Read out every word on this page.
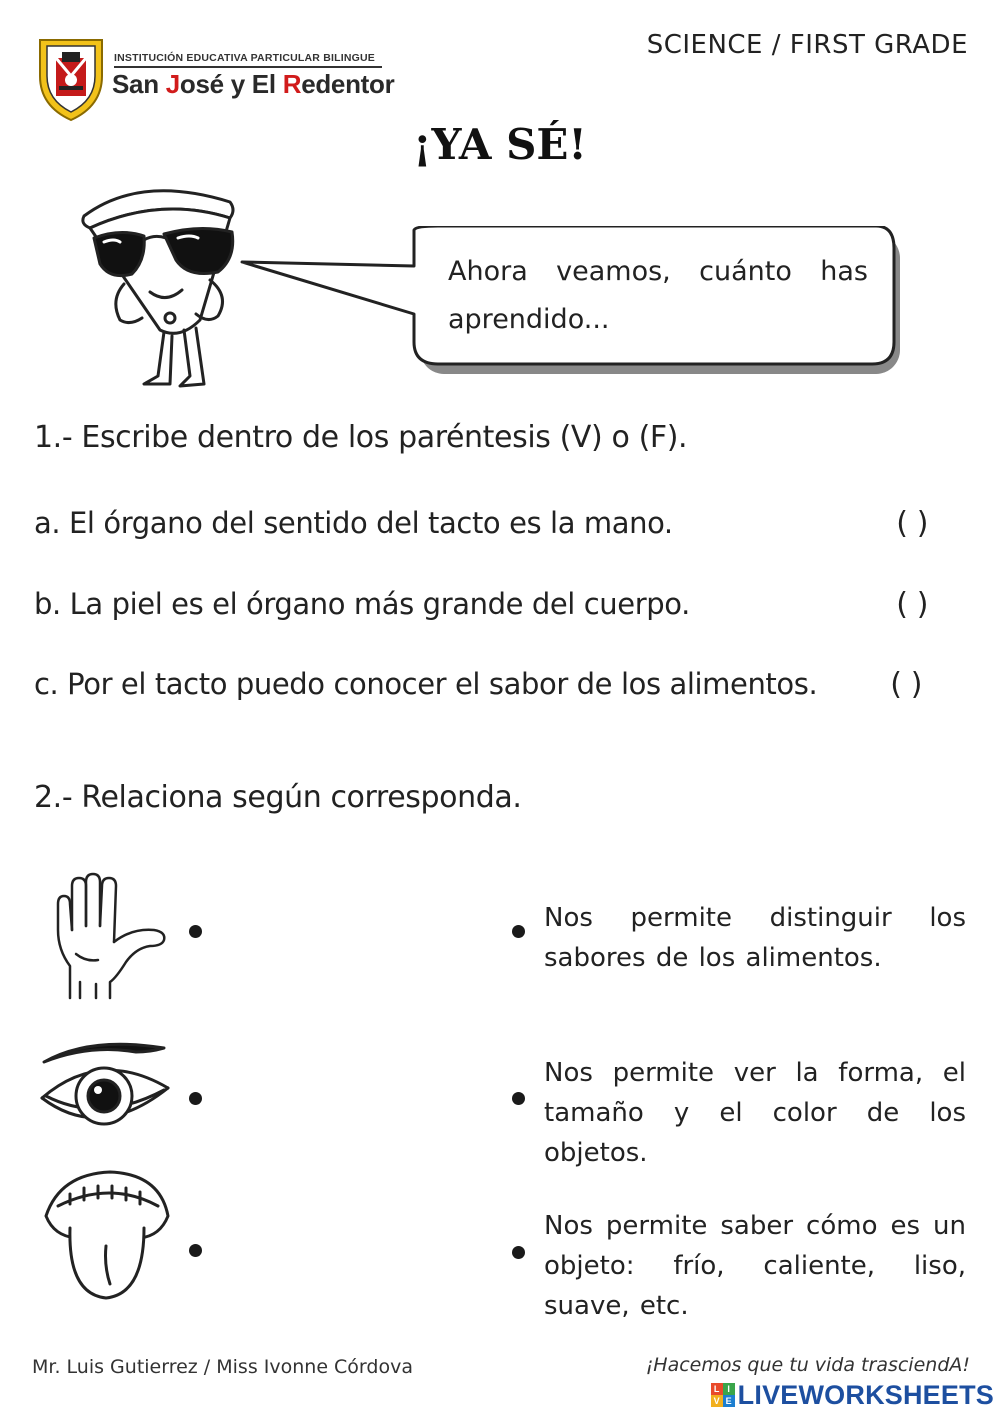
INSTITUCIÓN EDUCATIVA PARTICULAR BILINGUE
San José y El Redentor
SCIENCE / FIRST GRADE
¡YA SÉ!
Ahora veamos, cuánto has aprendido...
1.- Escribe dentro de los paréntesis (V) o (F).
a. El órgano del sentido del tacto es la mano.	( )
b. La piel es el órgano más grande del cuerpo.	( )
c. Por el tacto puedo conocer el sabor de los alimentos. ( )
2.- Relaciona según corresponda.
Nos permite distinguir los sabores de los alimentos.
Nos permite ver la forma, el tamaño y el color de los objetos.
Nos permite saber cómo es un objeto: frío, caliente, liso, suave, etc.
Mr. Luis Gutierrez / Miss Ivonne Córdova	¡Hacemos que tu vida trasciendA!
L I
V E LIVEWORKSHEETS
